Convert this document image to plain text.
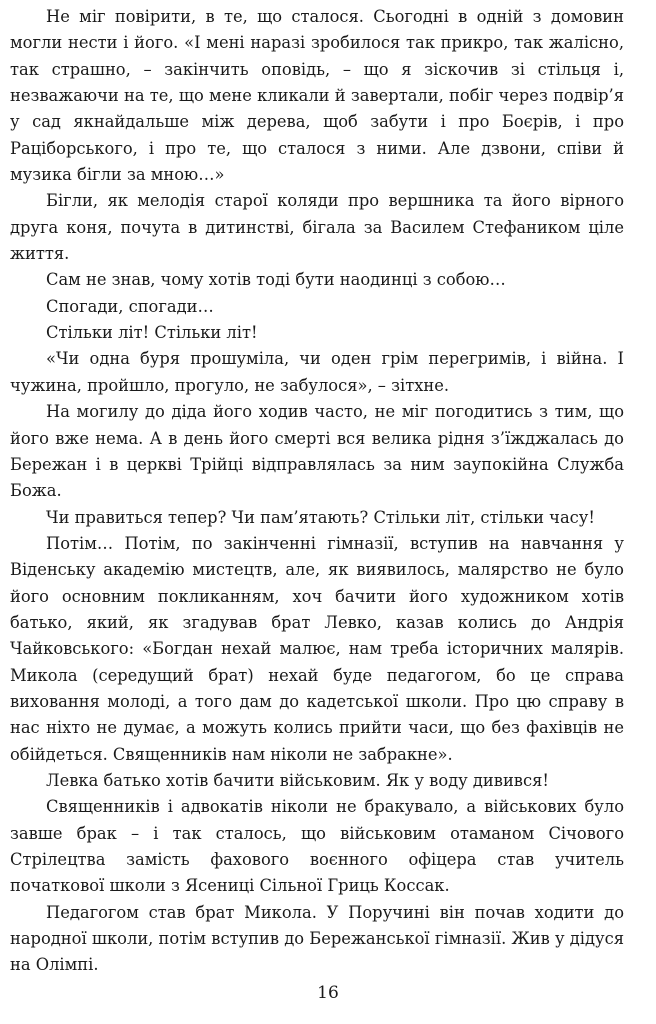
Не міг повірити, в те, що сталося. Сьогодні в одній з домовин могли нести і його. «І мені наразі зробилося так прикро, так жалісно, так страшно, – закінчить оповідь, – що я зіскочив зі стільця і, незважаючи на те, що мене кликали й завертали, побіг через подвір’я у сад якнайдальше між дерева, щоб забути і про Боєрів, і про Раціборського, і про те, що сталося з ними. Але дзвони, співи й музика бігли за мною…»

Бігли, як мелодія старої коляди про вершника та його вірного друга коня, почута в дитинстві, бігала за Василем Стефаником ціле життя.

Сам не знав, чому хотів тоді бути наодинці з собою…

Спогади, спогади…

Стільки літ! Стільки літ!

«Чи одна буря прошуміла, чи оден грім перегримів, і війна. І чужина, пройшло, прогуло, не забулося», – зітхне.

На могилу до діда його ходив часто, не міг погодитись з тим, що його вже нема. А в день його смерті вся велика рідня з’їжджалась до Бережан і в церкві Трійці відправлялась за ним заупокійна Служба Божа.

Чи правиться тепер? Чи пам’ятають? Стільки літ, стільки часу!

Потім… Потім, по закінченні гімназії, вступив на навчання у Віденську академію мистецтв, але, як виявилось, малярство не було його основним покликанням, хоч бачити його художником хотів батько, який, як згадував брат Левко, казав колись до Андрія Чайковського: «Богдан нехай малює, нам треба історичних малярів. Микола (середущий брат) нехай буде педагогом, бо це справа виховання молоді, а того дам до кадетської школи. Про цю справу в нас ніхто не думає, а можуть колись прийти часи, що без фахівців не обійдеться. Священників нам ніколи не забракне».

Левка батько хотів бачити військовим. Як у воду дивився!

Священників і адвокатів ніколи не бракувало, а військових було завше брак – і так сталось, що військовим отаманом Січового Стрілецтва замість фахового воєнного офіцера став учитель початкової школи з Ясениці Сільної Гриць Коссак.

Педагогом став брат Микола. У Поручині він почав ходити до народної школи, потім вступив до Бережанської гімназії. Жив у дідуся на Олімпі.

16
